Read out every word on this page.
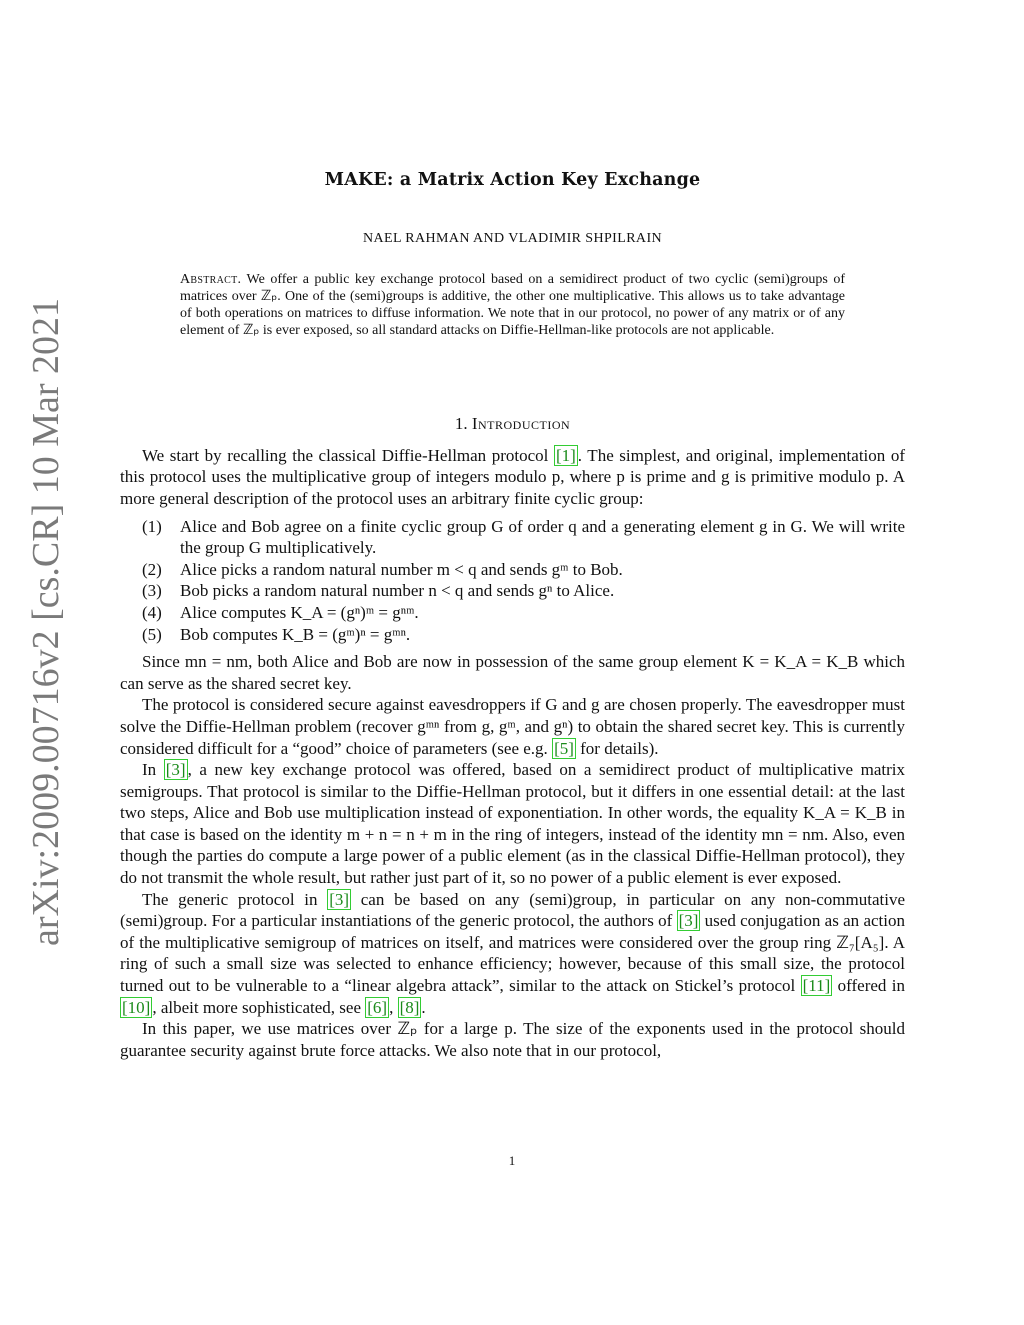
arXiv:2009.00716v2 [cs.CR] 10 Mar 2021
MAKE: a Matrix Action Key Exchange
NAEL RAHMAN AND VLADIMIR SHPILRAIN
Abstract. We offer a public key exchange protocol based on a semidirect product of two cyclic (semi)groups of matrices over ℤₚ. One of the (semi)groups is additive, the other one multiplicative. This allows us to take advantage of both operations on matrices to diffuse information. We note that in our protocol, no power of any matrix or of any element of ℤₚ is ever exposed, so all standard attacks on Diffie-Hellman-like protocols are not applicable.
1. Introduction

We start by recalling the classical Diffie-Hellman protocol [1] . The simplest, and original, implementation of this protocol uses the multiplicative group of integers modulo p, where p is prime and g is primitive modulo p. A more general description of the protocol uses an arbitrary finite cyclic group:

(1)	Alice and Bob agree on a finite cyclic group G of order q and a generating element g in G. We will write the group G multiplicatively.
(2)	Alice picks a random natural number m < q and sends gᵐ to Bob.
(3)	Bob picks a random natural number n < q and sends gⁿ to Alice.
(4)	Alice computes K_A = (gⁿ)ᵐ = gⁿᵐ.
(5)	Bob computes K_B = (gᵐ)ⁿ = gᵐⁿ.

Since mn = nm, both Alice and Bob are now in possession of the same group element K = K_A = K_B which can serve as the shared secret key.

The protocol is considered secure against eavesdroppers if G and g are chosen properly. The eavesdropper must solve the Diffie-Hellman problem (recover gᵐⁿ from g, gᵐ, and gⁿ) to obtain the shared secret key. This is currently considered difficult for a “good” choice of parameters (see e.g. [5] for details).

In [3] , a new key exchange protocol was offered, based on a semidirect product of multiplicative matrix semigroups. That protocol is similar to the Diffie-Hellman protocol, but it differs in one essential detail: at the last two steps, Alice and Bob use multiplication instead of exponentiation. In other words, the equality K_A = K_B in that case is based on the identity m + n = n + m in the ring of integers, instead of the identity mn = nm. Also, even though the parties do compute a large power of a public element (as in the classical Diffie-Hellman protocol), they do not transmit the whole result, but rather just part of it, so no power of a public element is ever exposed.

The generic protocol in [3] can be based on any (semi)group, in particular on any non-commutative (semi)group. For a particular instantiations of the generic protocol, the authors of [3] used conjugation as an action of the multiplicative semigroup of matrices on itself, and matrices were considered over the group ring ℤ₇[A₅]. A ring of such a small size was selected to enhance efficiency; however, because of this small size, the protocol turned out to be vulnerable to a “linear algebra attack”, similar to the attack on Stickel’s protocol [11] offered in [10] , albeit more sophisticated, see [6] , [8] .

In this paper, we use matrices over ℤₚ for a large p. The size of the exponents used in the protocol should guarantee security against brute force attacks. We also note that in our protocol,

1
